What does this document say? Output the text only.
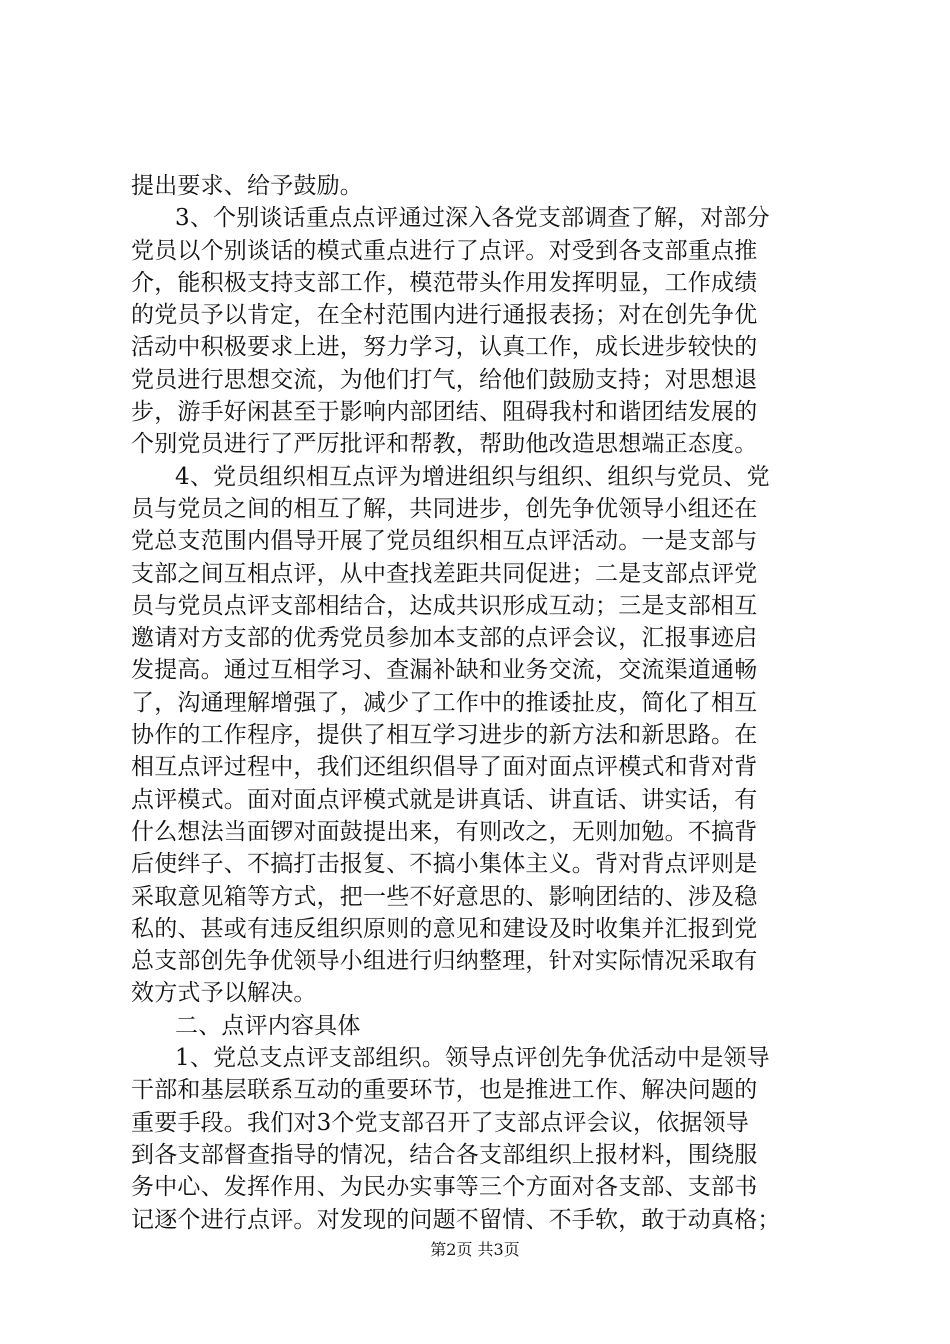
提出要求、给予鼓励。
3、个别谈话重点点评通过深入各党支部调查了解，对部分
党员以个别谈话的模式重点进行了点评。对受到各支部重点推
介，能积极支持支部工作，模范带头作用发挥明显，工作成绩
的党员予以肯定，在全村范围内进行通报表扬；对在创先争优
活动中积极要求上进，努力学习，认真工作，成长进步较快的
党员进行思想交流，为他们打气，给他们鼓励支持；对思想退
步，游手好闲甚至于影响内部团结、阻碍我村和谐团结发展的
个别党员进行了严厉批评和帮教，帮助他改造思想端正态度。
4、党员组织相互点评为增进组织与组织、组织与党员、党
员与党员之间的相互了解，共同进步，创先争优领导小组还在
党总支范围内倡导开展了党员组织相互点评活动。一是支部与
支部之间互相点评，从中查找差距共同促进；二是支部点评党
员与党员点评支部相结合，达成共识形成互动；三是支部相互
邀请对方支部的优秀党员参加本支部的点评会议，汇报事迹启
发提高。通过互相学习、查漏补缺和业务交流，交流渠道通畅
了，沟通理解增强了，减少了工作中的推诿扯皮，简化了相互
协作的工作程序，提供了相互学习进步的新方法和新思路。在
相互点评过程中，我们还组织倡导了面对面点评模式和背对背
点评模式。面对面点评模式就是讲真话、讲直话、讲实话，有
什么想法当面锣对面鼓提出来，有则改之，无则加勉。不搞背
后使绊子、不搞打击报复、不搞小集体主义。背对背点评则是
采取意见箱等方式，把一些不好意思的、影响团结的、涉及稳
私的、甚或有违反组织原则的意见和建设及时收集并汇报到党
总支部创先争优领导小组进行归纳整理，针对实际情况采取有
效方式予以解决。
二、点评内容具体
1、党总支点评支部组织。领导点评创先争优活动中是领导
干部和基层联系互动的重要环节，也是推进工作、解决问题的
重要手段。我们对3个党支部召开了支部点评会议，依据领导
到各支部督查指导的情况，结合各支部组织上报材料，围绕服
务中心、发挥作用、为民办实事等三个方面对各支部、支部书
记逐个进行点评。对发现的问题不留情、不手软，敢于动真格；
第2页 共3页
